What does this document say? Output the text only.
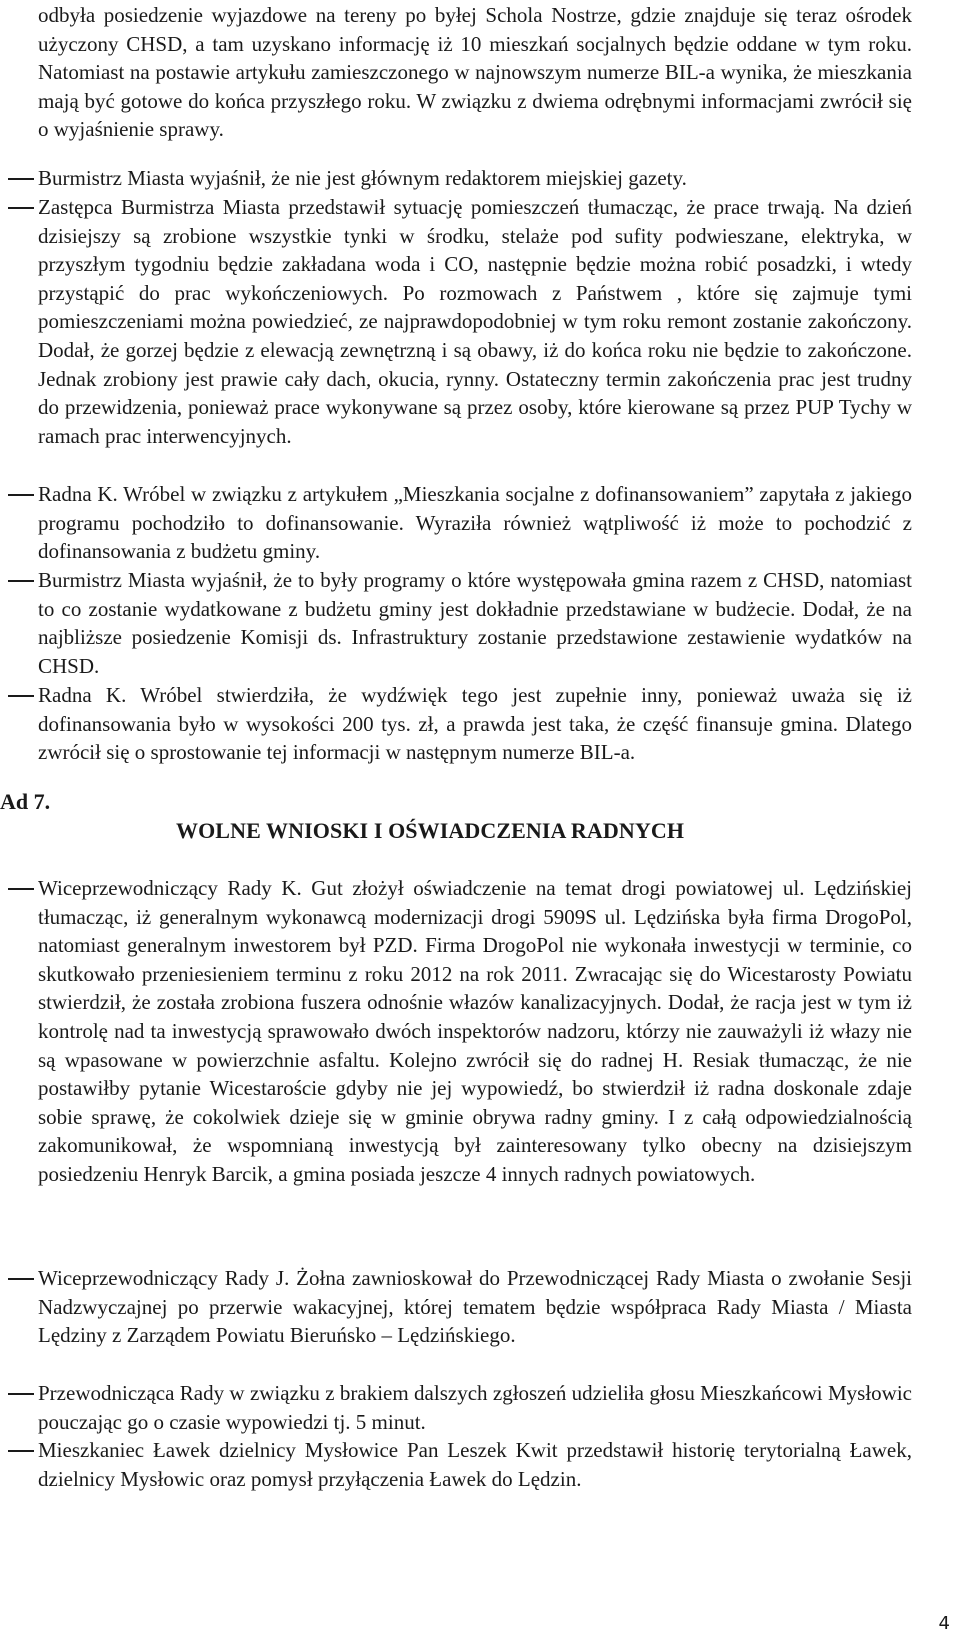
odbyła posiedzenie wyjazdowe na tereny po byłej Schola Nostrze, gdzie znajduje się teraz ośrodek użyczony CHSD, a tam uzyskano informację iż 10 mieszkań socjalnych będzie oddane w tym roku. Natomiast na postawie artykułu zamieszczonego w najnowszym numerze BIL-a wynika, że mieszkania mają być gotowe do końca przyszłego roku. W związku z dwiema odrębnymi informacjami zwrócił się o wyjaśnienie sprawy.

Burmistrz Miasta wyjaśnił, że nie jest głównym redaktorem miejskiej gazety.
Zastępca Burmistrza Miasta przedstawił sytuację pomieszczeń tłumacząc, że prace trwają. Na dzień dzisiejszy są zrobione wszystkie tynki w środku, stelaże pod sufity podwieszane, elektryka, w przyszłym tygodniu będzie zakładana woda i CO, następnie będzie można robić posadzki, i wtedy przystąpić do prac wykończeniowych. Po rozmowach z Państwem , które się zajmuje tymi pomieszczeniami można powiedzieć, ze najprawdopodobniej w tym roku remont zostanie zakończony. Dodał, że gorzej będzie z elewacją zewnętrzną i są obawy, iż do końca roku nie będzie to zakończone. Jednak zrobiony jest prawie cały dach, okucia, rynny. Ostateczny termin zakończenia prac jest trudny do przewidzenia, ponieważ prace wykonywane są przez osoby, które kierowane są przez PUP Tychy w ramach prac interwencyjnych.
Radna K. Wróbel w związku z artykułem „Mieszkania socjalne z dofinansowaniem” zapytała z jakiego programu pochodziło to dofinansowanie. Wyraziła również wątpliwość iż może to pochodzić z dofinansowania z budżetu gminy.
Burmistrz Miasta wyjaśnił, że to były programy o które występowała gmina razem z CHSD, natomiast to co zostanie wydatkowane z budżetu gminy jest dokładnie przedstawiane w budżecie. Dodał, że na najbliższe posiedzenie Komisji ds. Infrastruktury zostanie przedstawione zestawienie wydatków na CHSD.
Radna K. Wróbel stwierdziła, że wydźwięk tego jest zupełnie inny, ponieważ uważa się iż dofinansowania było w wysokości 200 tys. zł, a prawda jest taka, że część finansuje gmina. Dlatego zwrócił się o sprostowanie tej informacji w następnym numerze BIL-a.
Ad 7.
WOLNE WNIOSKI I OŚWIADCZENIA RADNYCH
Wiceprzewodniczący Rady K. Gut złożył oświadczenie na temat drogi powiatowej ul. Lędzińskiej tłumacząc, iż generalnym wykonawcą modernizacji drogi 5909S ul. Lędzińska była firma DrogoPol, natomiast generalnym inwestorem był PZD. Firma DrogoPol nie wykonała inwestycji w terminie, co skutkowało przeniesieniem terminu z roku 2012 na rok 2011. Zwracając się do Wicestarosty Powiatu stwierdził, że została zrobiona fuszera odnośnie włazów kanalizacyjnych. Dodał, że racja jest w tym iż kontrolę nad ta inwestycją sprawowało dwóch inspektorów nadzoru, którzy nie zauważyli iż włazy nie są wpasowane w powierzchnie asfaltu. Kolejno zwrócił się do radnej H. Resiak tłumacząc, że nie postawiłby pytanie Wicestaroście gdyby nie jej wypowiedź, bo stwierdził iż radna doskonale zdaje sobie sprawę, że cokolwiek dzieje się w gminie obrywa radny gminy. I z całą odpowiedzialnością zakomunikował, że wspomnianą inwestycją był zainteresowany tylko obecny na dzisiejszym posiedzeniu Henryk Barcik, a gmina posiada jeszcze 4 innych radnych powiatowych.
Wiceprzewodniczący Rady J. Żołna zawnioskował do Przewodniczącej Rady Miasta o zwołanie Sesji Nadzwyczajnej po przerwie wakacyjnej, której tematem będzie współpraca Rady Miasta / Miasta Lędziny z Zarządem Powiatu Bieruńsko – Lędzińskiego.
Przewodnicząca Rady w związku z brakiem dalszych zgłoszeń udzieliła głosu Mieszkańcowi Mysłowic pouczając go o czasie wypowiedzi tj. 5 minut.
Mieszkaniec Ławek dzielnicy Mysłowice Pan Leszek Kwit przedstawił historię terytorialną Ławek, dzielnicy Mysłowic oraz pomysł przyłączenia Ławek do Lędzin.
4
